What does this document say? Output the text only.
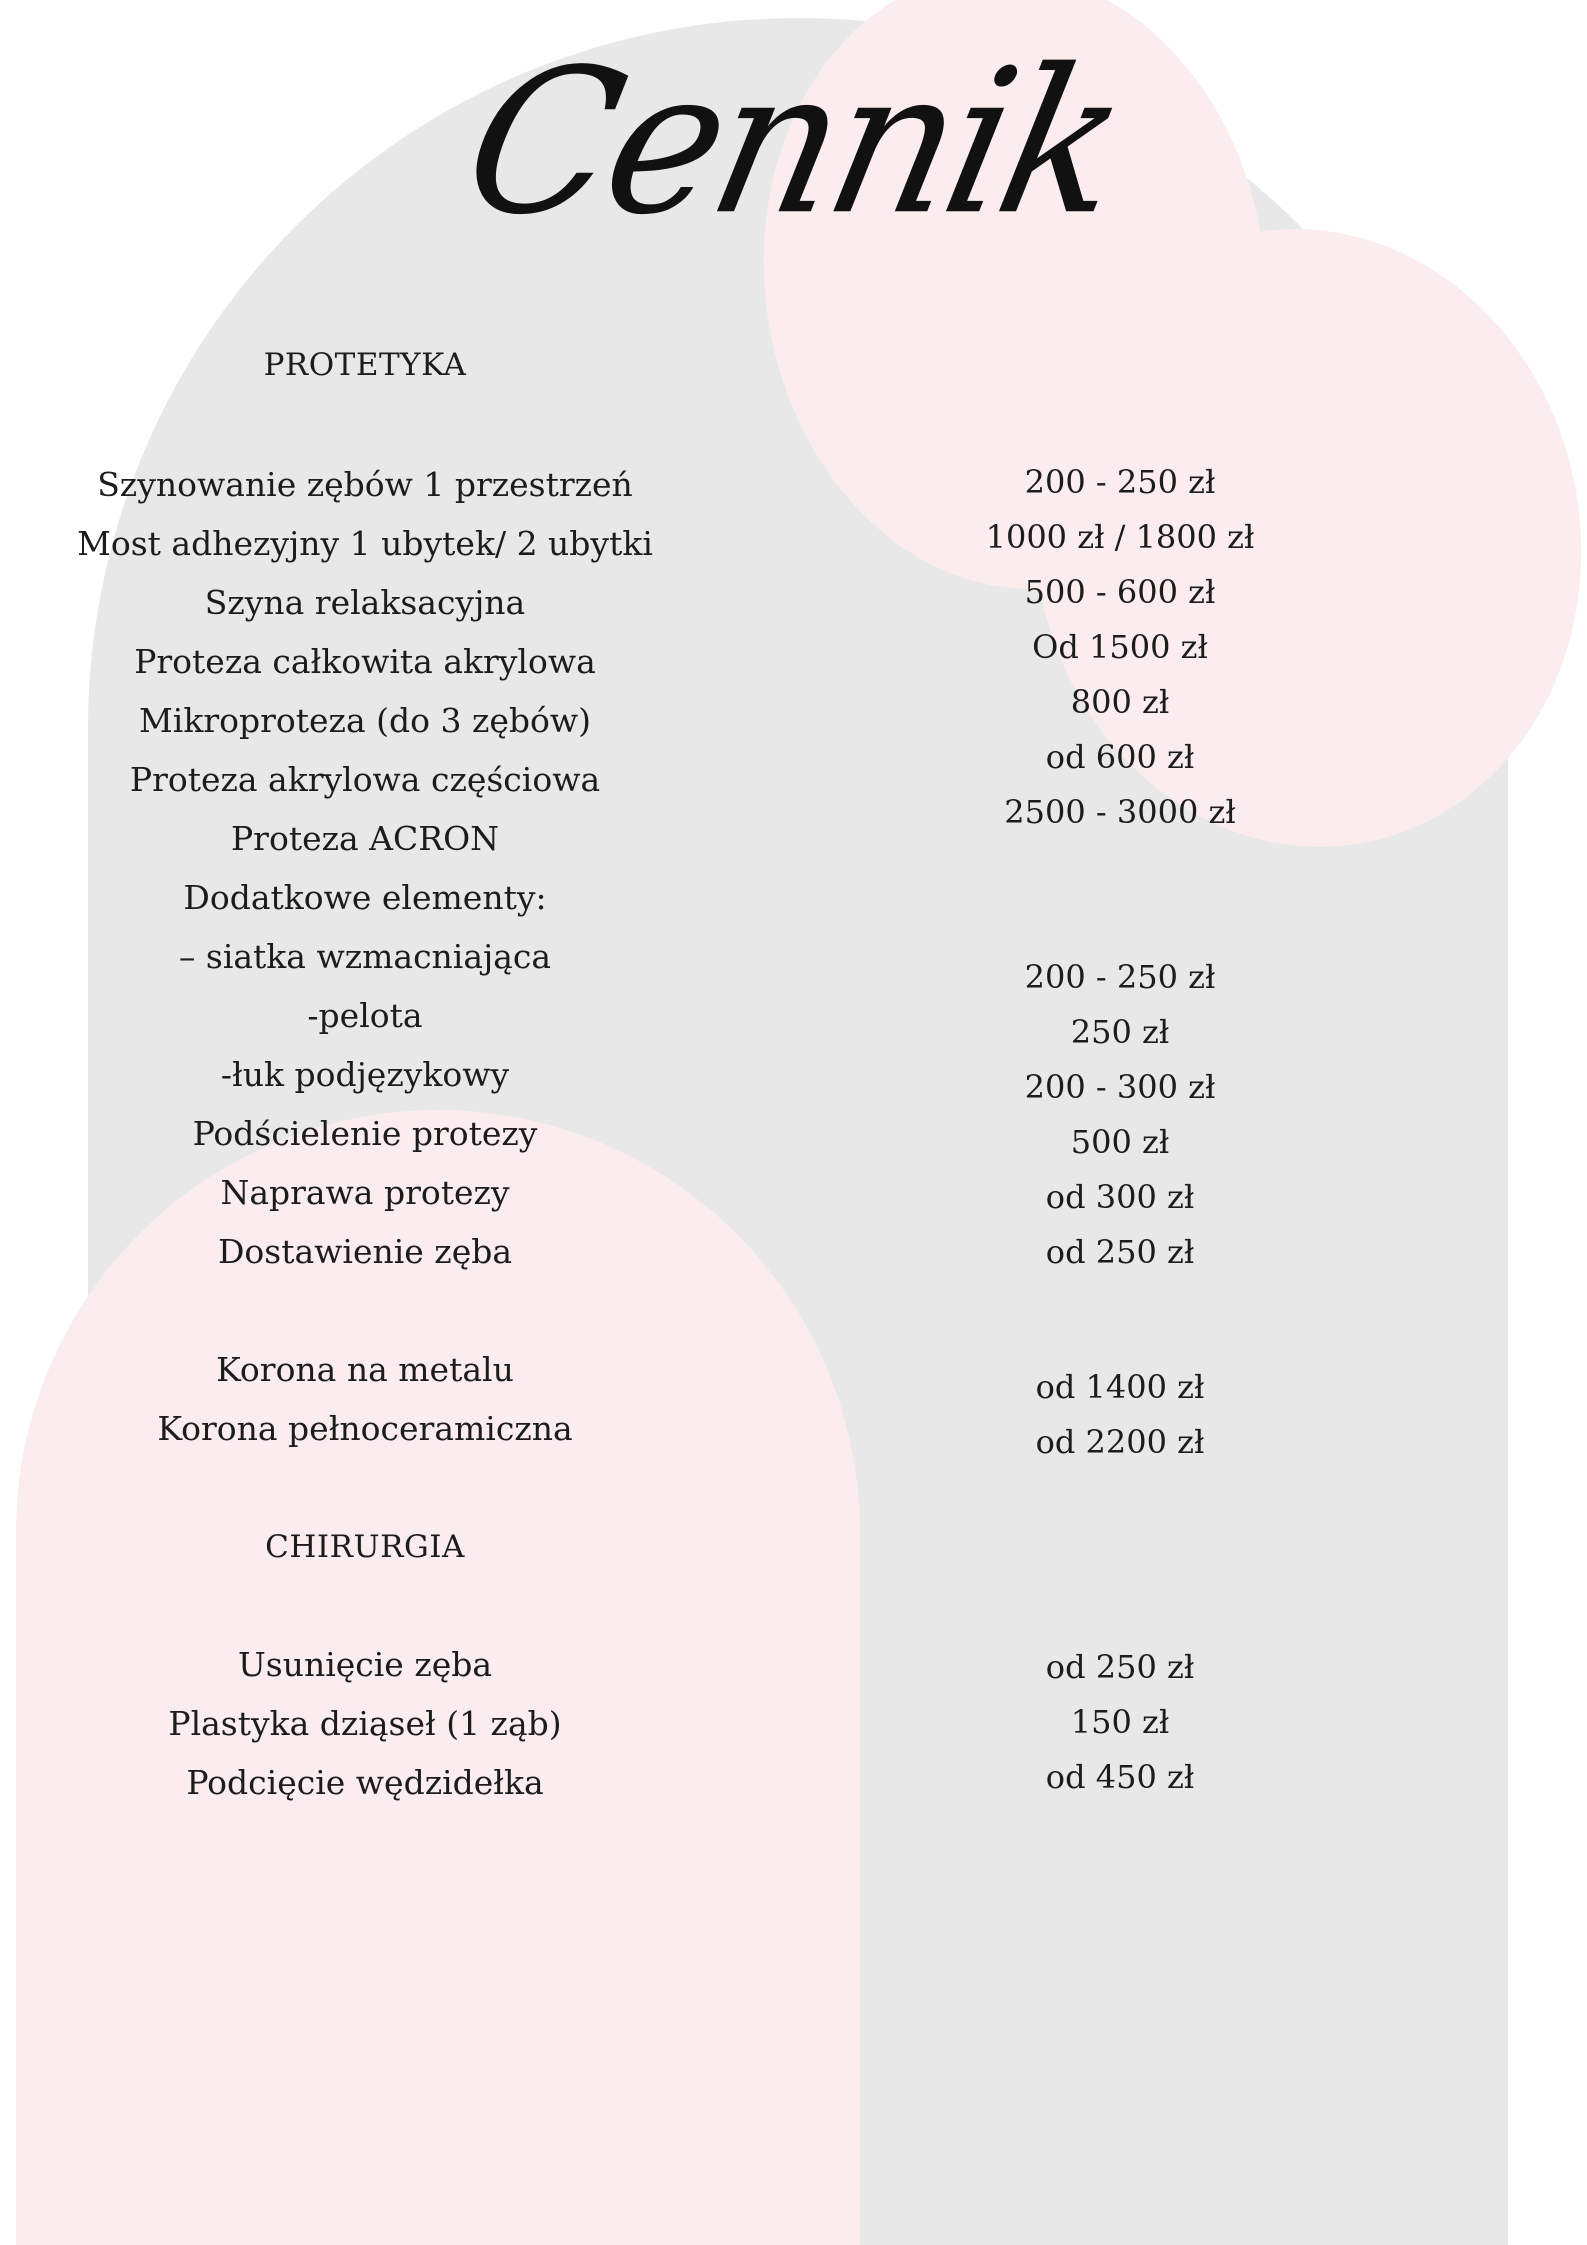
Cennik
PROTETYKA
Szynowanie zębów 1 przestrzeń
Most adhezyjny 1 ubytek/ 2 ubytki
Szyna relaksacyjna
Proteza całkowita akrylowa
Mikroproteza (do 3 zębów)
Proteza akrylowa częściowa
Proteza ACRON
Dodatkowe elementy:
– siatka wzmacniająca
-pelota
-łuk podjęzykowy
Podścielenie protezy
Naprawa protezy
Dostawienie zęba
Korona na metalu
Korona pełnoceramiczna
CHIRURGIA
Usunięcie zęba
Plastyka dziąseł (1 ząb)
Podcięcie wędzidełka
200 - 250 zł
1000 zł / 1800 zł
500 - 600 zł
Od 1500 zł
800 zł
od 600 zł
2500 - 3000 zł
200 - 250 zł
250 zł
200 - 300 zł
500 zł
od 300 zł
od 250 zł
od 1400 zł
od 2200 zł
od 250 zł
150 zł
od 450 zł
